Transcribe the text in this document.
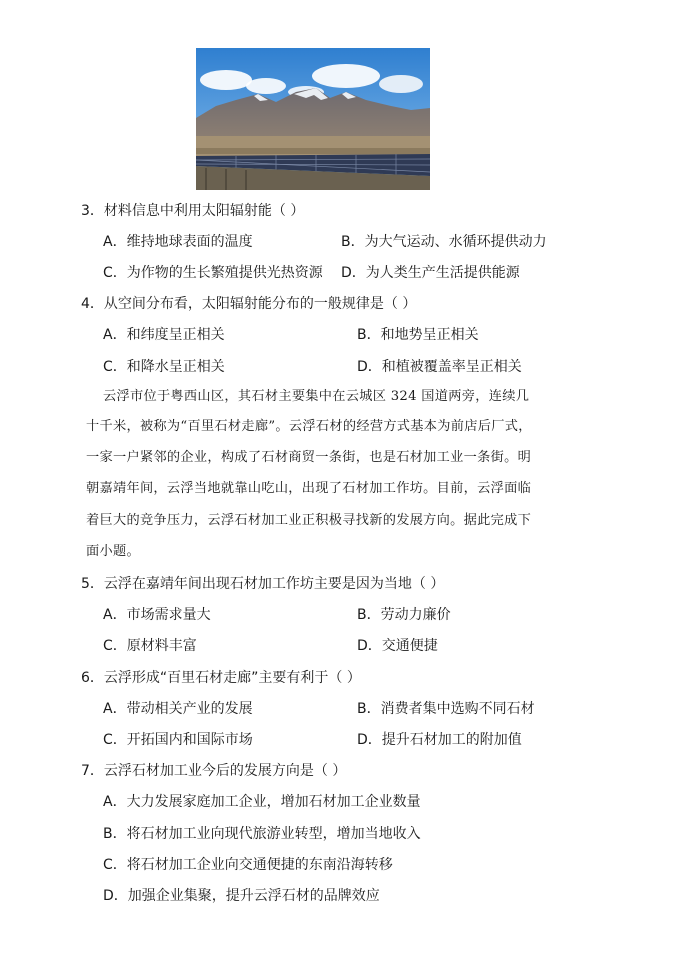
3．材料信息中利用太阳辐射能（ ）
A．维持地球表面的温度	B．为大气运动、水循环提供动力
C．为作物的生长繁殖提供光热资源 D．为人类生产生活提供能源
4．从空间分布看，太阳辐射能分布的一般规律是（ ）
A．和纬度呈正相关	B．和地势呈正相关
C．和降水呈正相关	D．和植被覆盖率呈正相关
云浮市位于粤西山区，其石材主要集中在云城区 324 国道两旁，连续几
十千米，被称为“百里石材走廊”。云浮石材的经营方式基本为前店后厂式，
一家一户紧邻的企业，构成了石材商贸一条街，也是石材加工业一条街。明
朝嘉靖年间，云浮当地就靠山吃山，出现了石材加工作坊。目前，云浮面临
着巨大的竞争压力，云浮石材加工业正积极寻找新的发展方向。据此完成下
面小题。
5．云浮在嘉靖年间出现石材加工作坊主要是因为当地（ ）
A．市场需求量大	B．劳动力廉价
C．原材料丰富	D．交通便捷
6．云浮形成“百里石材走廊”主要有利于（ ）
A．带动相关产业的发展	B．消费者集中选购不同石材
C．开拓国内和国际市场	D．提升石材加工的附加值
7．云浮石材加工业今后的发展方向是（ ）
A．大力发展家庭加工企业，增加石材加工企业数量
B．将石材加工业向现代旅游业转型，增加当地收入
C．将石材加工企业向交通便捷的东南沿海转移
D．加强企业集聚，提升云浮石材的品牌效应
